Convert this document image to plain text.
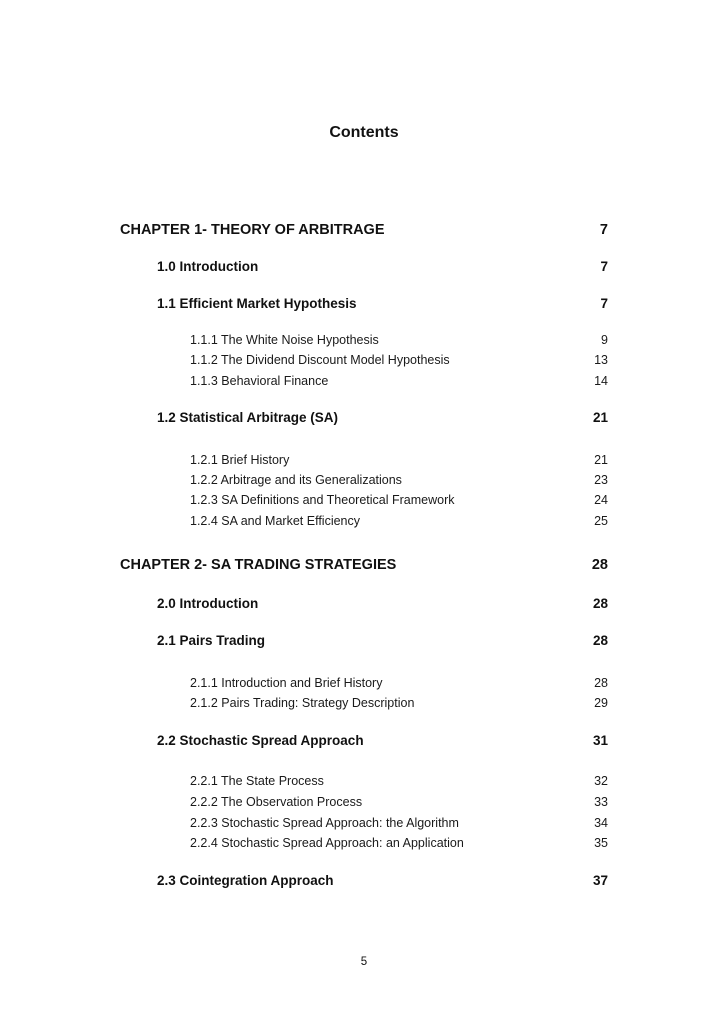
Contents
CHAPTER 1- THEORY OF ARBITRAGE	7
1.0 Introduction	7
1.1 Efficient Market Hypothesis	7
1.1.1 The White Noise Hypothesis	9
1.1.2 The Dividend Discount Model Hypothesis	13
1.1.3 Behavioral Finance	14
1.2 Statistical Arbitrage (SA)	21
1.2.1 Brief History	21
1.2.2 Arbitrage and its Generalizations	23
1.2.3 SA Definitions and Theoretical Framework	24
1.2.4 SA and Market Efficiency	25
CHAPTER 2- SA TRADING STRATEGIES	28
2.0 Introduction	28
2.1 Pairs Trading	28
2.1.1 Introduction and Brief History	28
2.1.2 Pairs Trading: Strategy Description	29
2.2 Stochastic Spread Approach	31
2.2.1 The State Process	32
2.2.2 The Observation Process	33
2.2.3 Stochastic Spread Approach: the Algorithm	34
2.2.4 Stochastic Spread Approach: an Application	35
2.3 Cointegration Approach	37
5
